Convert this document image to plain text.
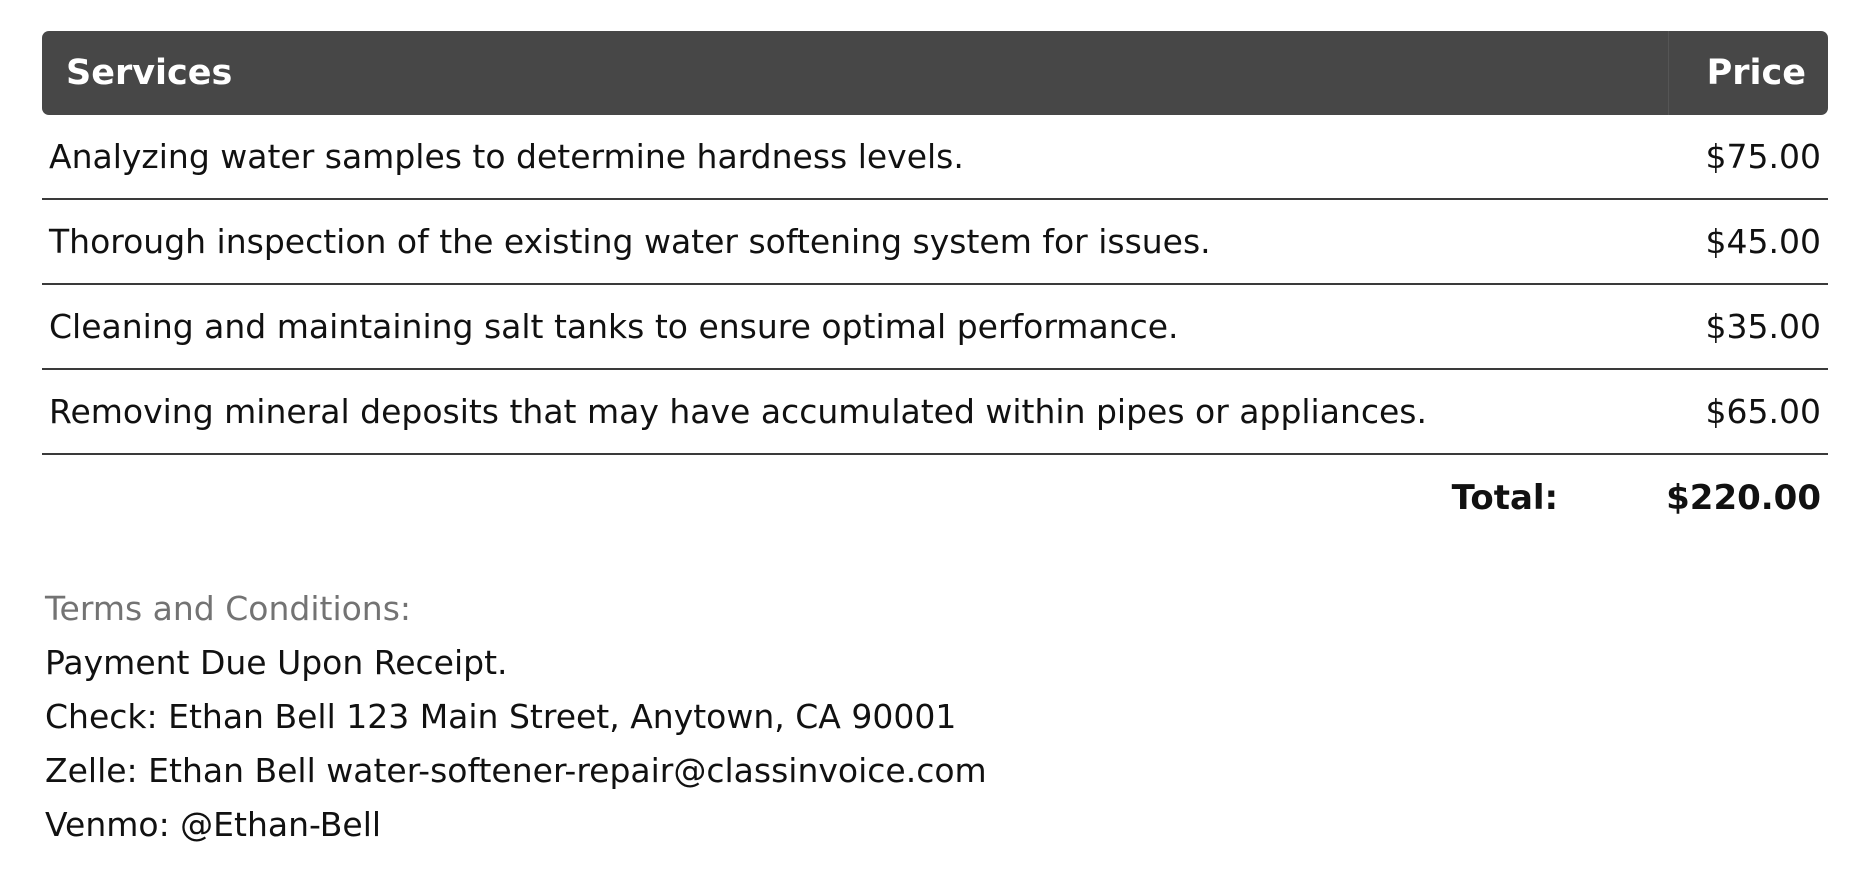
Services	Price
Analyzing water samples to determine hardness levels.	$75.00
Thorough inspection of the existing water softening system for issues.	$45.00
Cleaning and maintaining salt tanks to ensure optimal performance.	$35.00
Removing mineral deposits that may have accumulated within pipes or appliances.	$65.00
Total:	$220.00
Terms and Conditions:
Payment Due Upon Receipt.
Check: Ethan Bell 123 Main Street, Anytown, CA 90001
Zelle: Ethan Bell water-softener-repair@classinvoice.com
Venmo: @Ethan-Bell
